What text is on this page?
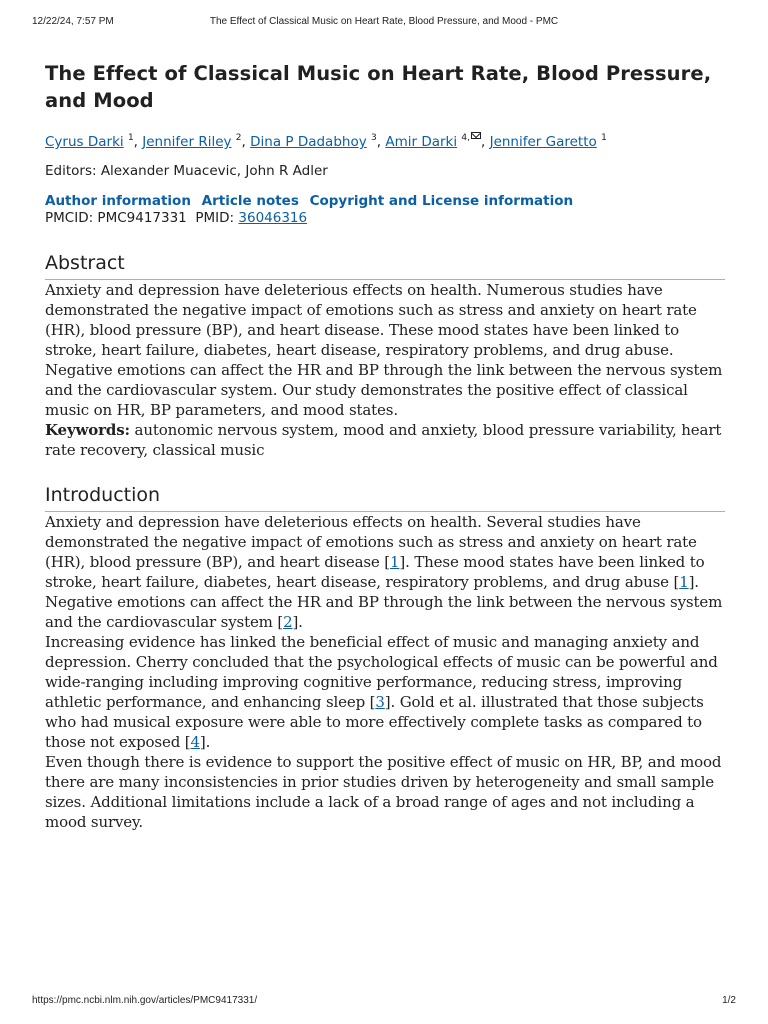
12/22/24, 7:57 PM	The Effect of Classical Music on Heart Rate, Blood Pressure, and Mood - PMC
The Effect of Classical Music on Heart Rate, Blood Pressure, and Mood
Cyrus Darki $^1$, Jennifer Riley $^2$, Dina P Dadabhoy $^3$, Amir Darki $^{4,}$ , Jennifer Garetto $^1$
Editors: Alexander Muacevic, John R Adler
Author information Article notes Copyright and License information
PMCID: PMC9417331 PMID: 36046316
Abstract

Anxiety and depression have deleterious effects on health. Numerous studies have demonstrated the negative impact of emotions such as stress and anxiety on heart rate (HR), blood pressure (BP), and heart disease. These mood states have been linked to stroke, heart failure, diabetes, heart disease, respiratory problems, and drug abuse. Negative emotions can affect the HR and BP through the link between the nervous system and the cardiovascular system. Our study demonstrates the positive effect of classical music on HR, BP parameters, and mood states.

Keywords: autonomic nervous system, mood and anxiety, blood pressure variability, heart rate recovery, classical music

Introduction

Anxiety and depression have deleterious effects on health. Several studies have demonstrated the negative impact of emotions such as stress and anxiety on heart rate (HR), blood pressure (BP), and heart disease [1]. These mood states have been linked to stroke, heart failure, diabetes, heart disease, respiratory problems, and drug abuse [1]. Negative emotions can affect the HR and BP through the link between the nervous system and the cardiovascular system [2].

Increasing evidence has linked the beneficial effect of music and managing anxiety and depression. Cherry concluded that the psychological effects of music can be powerful and wide-ranging including improving cognitive performance, reducing stress, improving athletic performance, and enhancing sleep [3]. Gold et al. illustrated that those subjects who had musical exposure were able to more effectively complete tasks as compared to those not exposed [4].

Even though there is evidence to support the positive effect of music on HR, BP, and mood there are many inconsistencies in prior studies driven by heterogeneity and small sample sizes. Additional limitations include a lack of a broad range of ages and not including a mood survey.

https://pmc.ncbi.nlm.nih.gov/articles/PMC9417331/	1/2
